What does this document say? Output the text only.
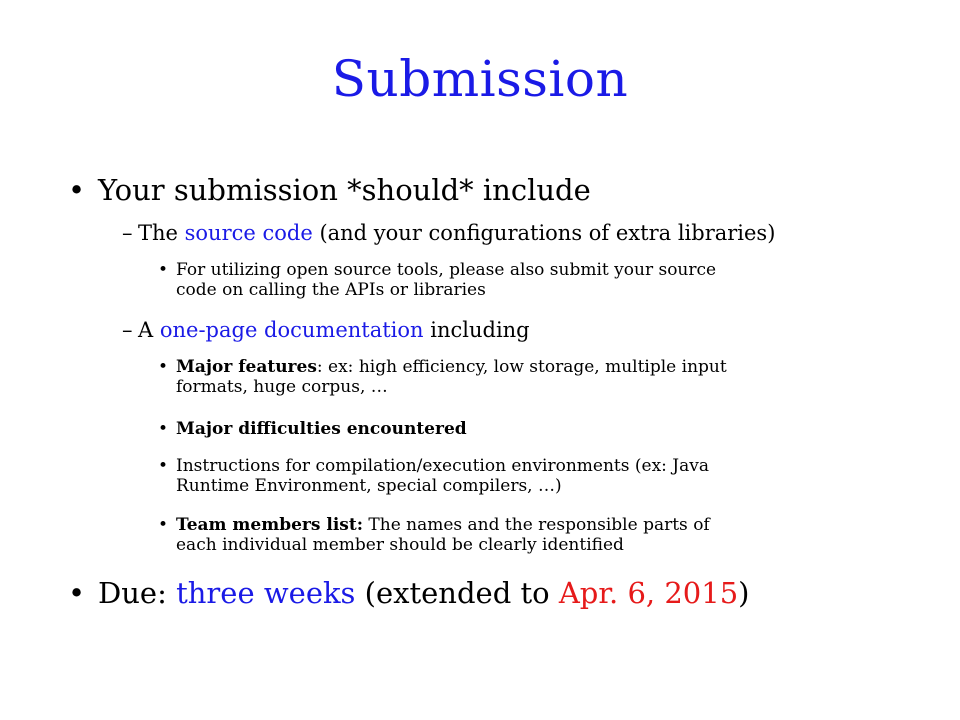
Submission
• Your submission *should* include
– The source code (and your configurations of extra libraries)
• For utilizing open source tools, please also submit your source
code on calling the APIs or libraries
– A one-page documentation including
• Major features: ex: high efficiency, low storage, multiple input
formats, huge corpus, …
• Major difficulties encountered
• Instructions for compilation/execution environments (ex: Java
Runtime Environment, special compilers, …)
• Team members list: The names and the responsible parts of
each individual member should be clearly identified
• Due: three weeks (extended to Apr. 6, 2015)
